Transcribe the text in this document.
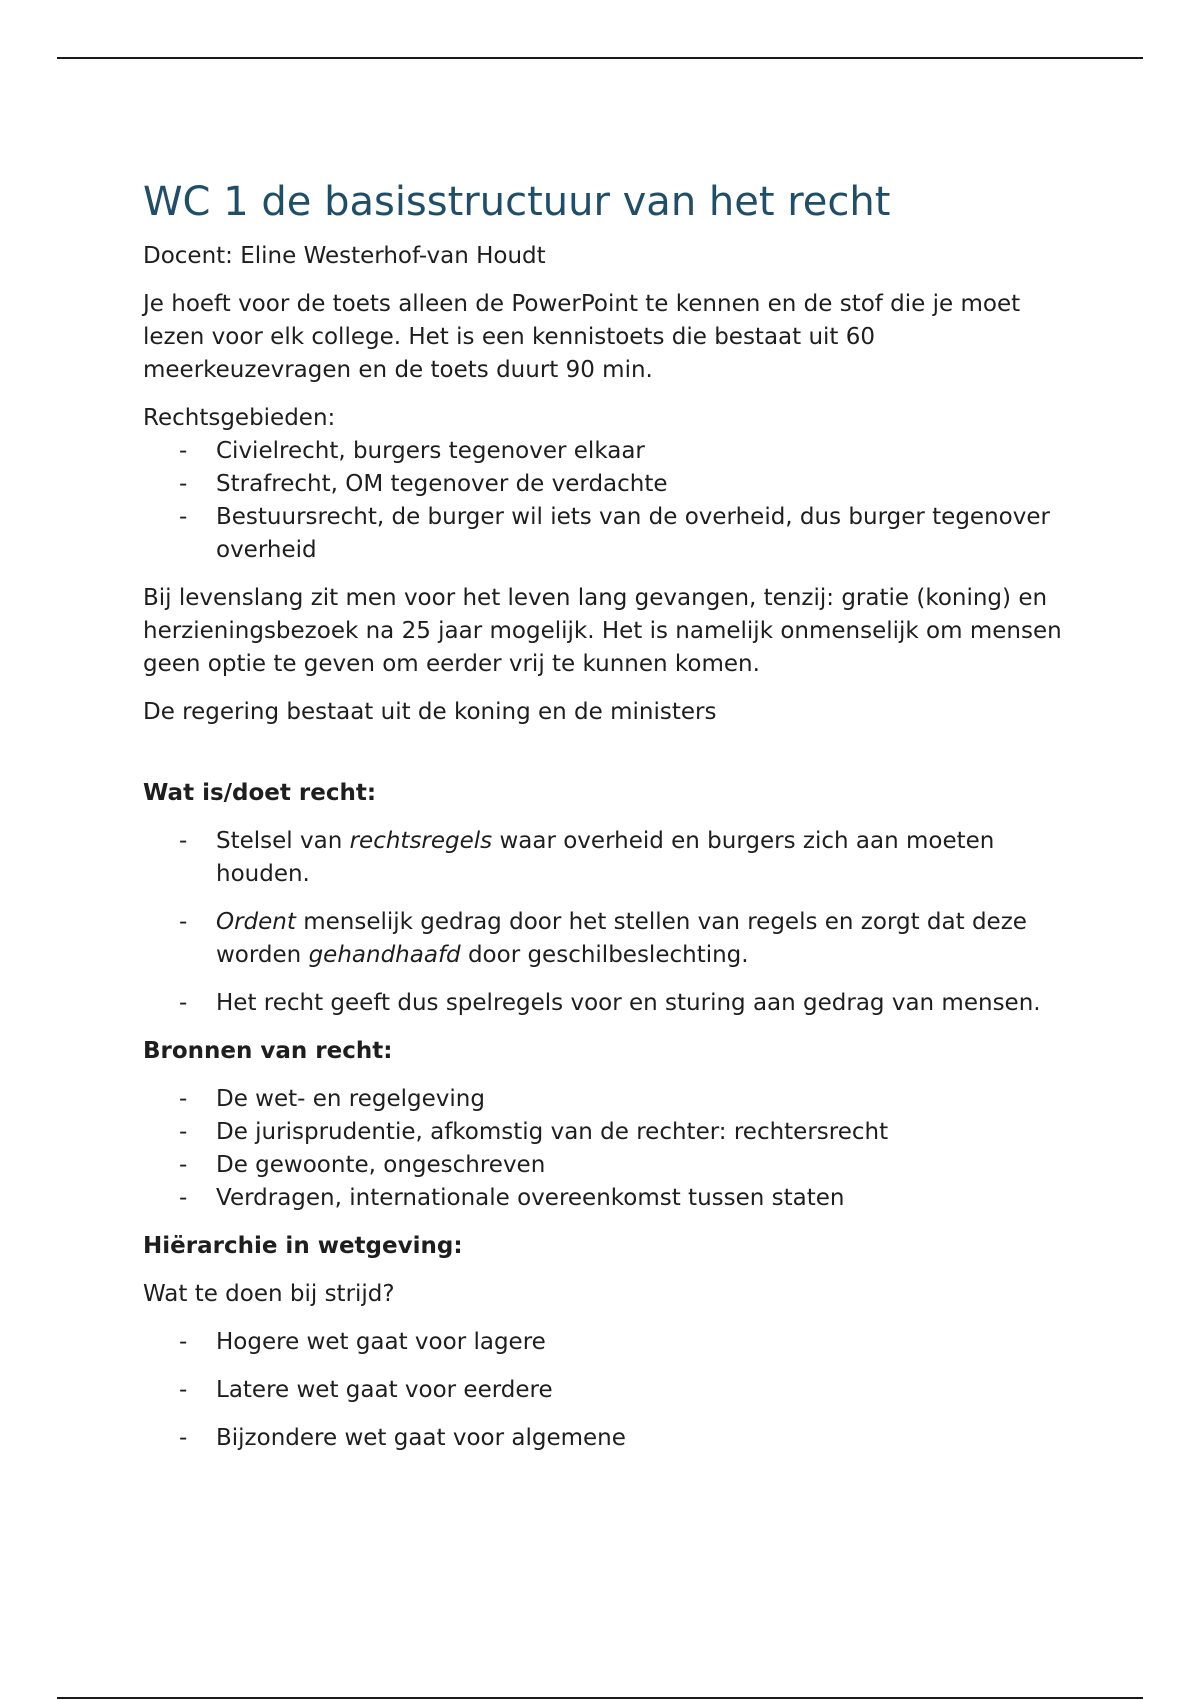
WC 1 de basisstructuur van het recht

Docent: Eline Westerhof-van Houdt

Je hoeft voor de toets alleen de PowerPoint te kennen en de stof die je moet lezen voor elk college. Het is een kennistoets die bestaat uit 60 meerkeuzevragen en de toets duurt 90 min.

Rechtsgebieden:

- Civielrecht, burgers tegenover elkaar
- Strafrecht, OM tegenover de verdachte
- Bestuursrecht, de burger wil iets van de overheid, dus burger tegenover overheid

Bij levenslang zit men voor het leven lang gevangen, tenzij: gratie (koning) en herzieningsbezoek na 25 jaar mogelijk. Het is namelijk onmenselijk om mensen geen optie te geven om eerder vrij te kunnen komen.

De regering bestaat uit de koning en de ministers

Wat is/doet recht:
- Stelsel van rechtsregels waar overheid en burgers zich aan moeten houden.
- Ordent menselijk gedrag door het stellen van regels en zorgt dat deze worden gehandhaafd door geschilbeslechting.
- Het recht geeft dus spelregels voor en sturing aan gedrag van mensen.
Bronnen van recht:
- De wet- en regelgeving
- De jurisprudentie, afkomstig van de rechter: rechtersrecht
- De gewoonte, ongeschreven
- Verdragen, internationale overeenkomst tussen staten
Hiërarchie in wetgeving:

Wat te doen bij strijd?

- Hogere wet gaat voor lagere
- Latere wet gaat voor eerdere
- Bijzondere wet gaat voor algemene
